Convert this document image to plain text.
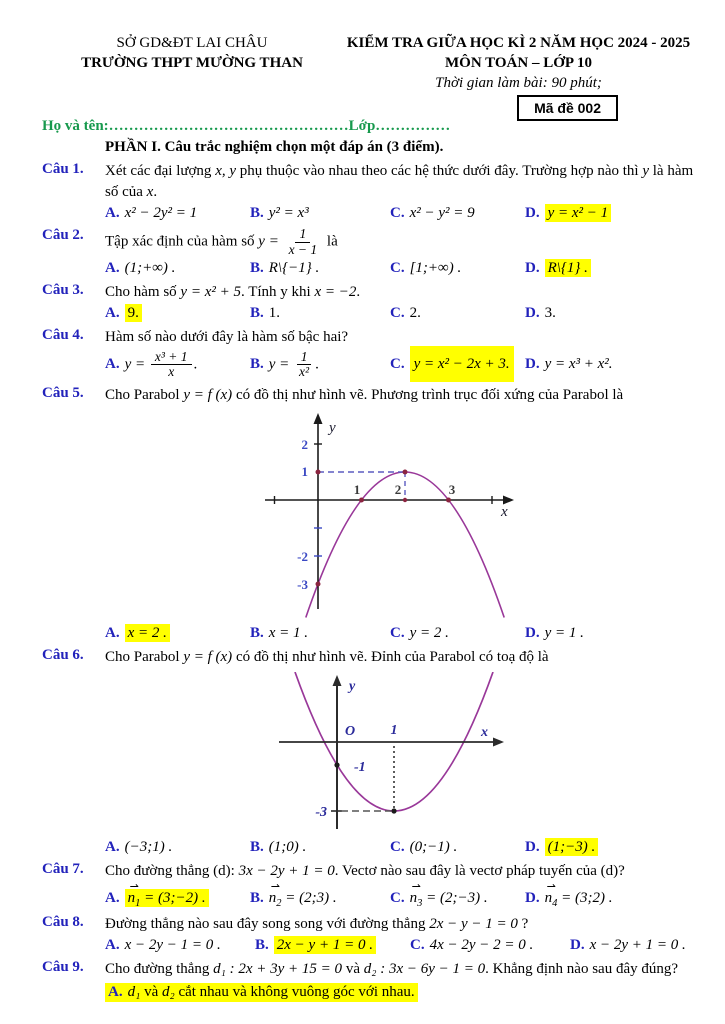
SỞ GD&ĐT LAI CHÂU
TRƯỜNG THPT MƯỜNG THAN
KIỂM TRA GIỮA HỌC KÌ 2 NĂM HỌC 2024 - 2025
MÔN TOÁN – LỚP 10
Thời gian làm bài: 90 phút;
Họ và tên:…………………………………………Lớp……………
Mã đề 002
PHẦN I. Câu trắc nghiệm chọn một đáp án (3 điểm).
Câu 1.	Xét các đại lượng x, y phụ thuộc vào nhau theo các hệ thức dưới đây. Trường hợp nào thì y là hàm số của x.
A. x² − 2y² = 1	B. y² = x³	C. x² − y² = 9	D. y = x² − 1
Câu 2.	Tập xác định của hàm số $y = \frac{1}{x - 1}$ là
A. (1;+∞) .	B. R\{−1} .	C. [1;+∞) .	D. R\{1} .
Câu 3.	Cho hàm số y = x² + 5. Tính y khi x = −2.
A. 9.	B. 1.	C. 2.	D. 3.
Câu 4.	Hàm số nào dưới đây là hàm số bậc hai?
A. $y = \frac{\text{x³ + 1}}{x}$ .	B. $y = \frac{1}{\text{x²}}$ .	C. y = x² − 2x + 3.	D. y = x³ + x².
Câu 5.	Cho Parabol y = f (x) có đồ thị như hình vẽ. Phương trình trục đối xứng của Parabol là
y
x
2
1
-2
-3
1	2	3
A. x = 2 .	B. x = 1 .	C. y = 2 .	D. y = 1 .
Câu 6.	Cho Parabol y = f (x) có đồ thị như hình vẽ. Đỉnh của Parabol có toạ độ là
y
x
O	1
-1
-3
A. (−3;1) .	B. (1;0) .	C. (0;−1) .	D. (1;−3) .
Câu 7.	Cho đường thẳng (d): 3x − 2y + 1 = 0. Vectơ nào sau đây là vectơ pháp tuyến của (d)?
A. ⇀ $n_1$ = (3;−2) .	B. ⇀ $n_2$ = (2;3) .	C. ⇀ $n_3$ = (2;−3) .	D. ⇀ $n_4$ = (3;2) .
Câu 8.	Đường thẳng nào sau đây song song với đường thẳng 2x − y − 1 = 0 ?
A. x − 2y − 1 = 0 .	B. 2x − y + 1 = 0 .	C. 4x − 2y − 2 = 0 .	D. x − 2y + 1 = 0 .
Câu 9.	Cho đường thẳng d₁ : 2x + 3y + 15 = 0 và d₂ : 3x − 6y − 1 = 0. Khẳng định nào sau đây đúng?
A. d₁ và d₂ cắt nhau và không vuông góc với nhau.
